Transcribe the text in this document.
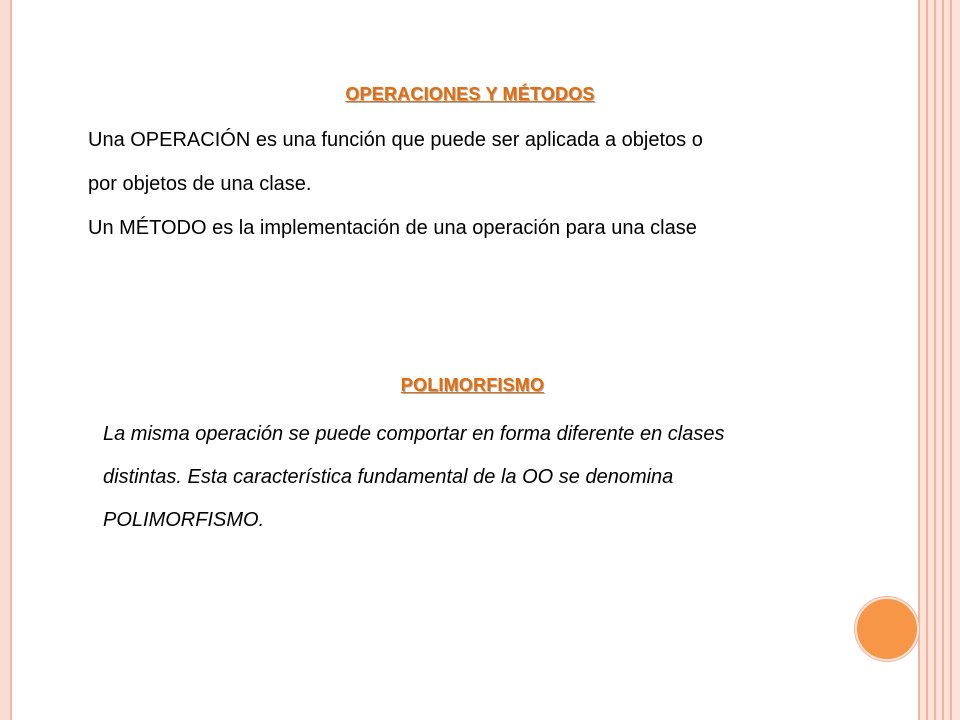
OPERACIONES Y MÉTODOS
Una OPERACIÓN es una función que puede ser aplicada a objetos o
por objetos de una clase.
Un MÉTODO es la implementación de una operación para una clase
POLIMORFISMO
La misma operación se puede comportar en forma diferente en clases
distintas. Esta característica fundamental de la OO se denomina
POLIMORFISMO.
